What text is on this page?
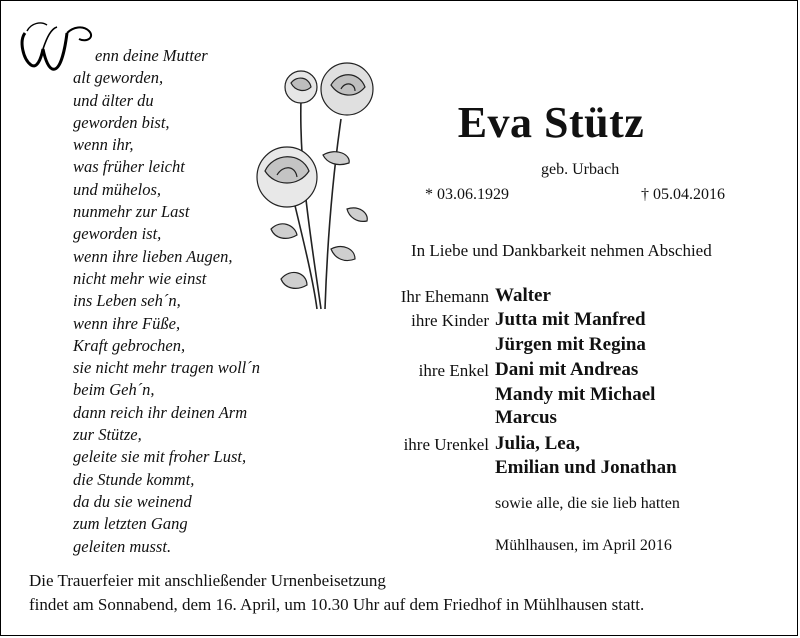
enn deine Mutter
alt geworden,
und älter du
geworden bist,
wenn ihr,
was früher leicht
und mühelos,
nunmehr zur Last
geworden ist,
wenn ihre lieben Augen,
nicht mehr wie einst
ins Leben seh´n,
wenn ihre Füße,
Kraft gebrochen,
sie nicht mehr tragen woll´n
beim Geh´n,
dann reich ihr deinen Arm
zur Stütze,
geleite sie mit froher Lust,
die Stunde kommt,
da du sie weinend
zum letzten Gang
geleiten musst.
Eva Stütz
geb. Urbach
* 03.06.1929	† 05.04.2016
In Liebe und Dankbarkeit nehmen Abschied
Ihr Ehemann Walter
ihre Kinder Jutta mit Manfred
Jürgen mit Regina
ihre Enkel Dani mit Andreas
Mandy mit Michael
Marcus
ihre Urenkel Julia, Lea,
Emilian und Jonathan
sowie alle, die sie lieb hatten
Mühlhausen, im April 2016
Die Trauerfeier mit anschließender Urnenbeisetzung
findet am Sonnabend, dem 16. April, um 10.30 Uhr auf dem Friedhof in Mühlhausen statt.
